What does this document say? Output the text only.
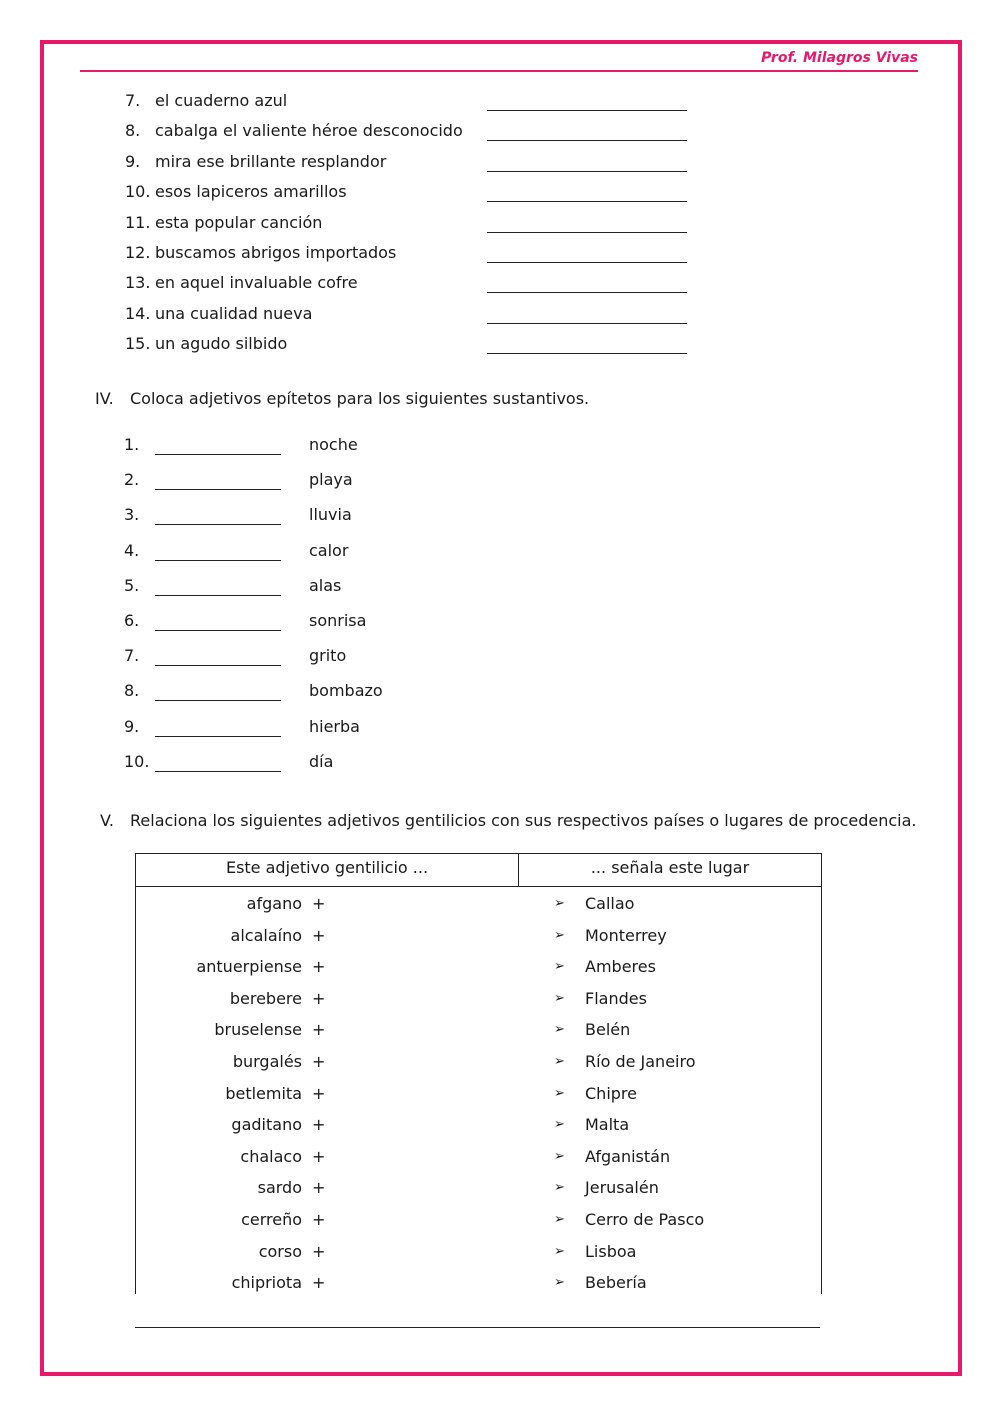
Prof. Milagros Vivas
7. el cuaderno azul
8. cabalga el valiente héroe desconocido
9. mira ese brillante resplandor
10. esos lapiceros amarillos
11. esta popular canción
12. buscamos abrigos importados
13. en aquel invaluable cofre
14. una cualidad nueva
15. un agudo silbido
IV. Coloca adjetivos epítetos para los siguientes sustantivos.
1.	noche
2.	playa
3.	lluvia
4.	calor
5.	alas
6.	sonrisa
7.	grito
8.	bombazo
9.	hierba
10.	día
V. Relaciona los siguientes adjetivos gentilicios con sus respectivos países o lugares de procedencia.
Este adjetivo gentilicio ...	... señala este lugar
afgano +	➢ Callao
alcalaíno +	➢ Monterrey
antuerpiense +	➢ Amberes
berebere +	➢ Flandes
bruselense +	➢ Belén
burgalés +	➢ Río de Janeiro
betlemita +	➢ Chipre
gaditano +	➢ Malta
chalaco +	➢ Afganistán
sardo +	➢ Jerusalén
cerreño +	➢ Cerro de Pasco
corso +	➢ Lisboa
chipriota +	➢ Bebería
